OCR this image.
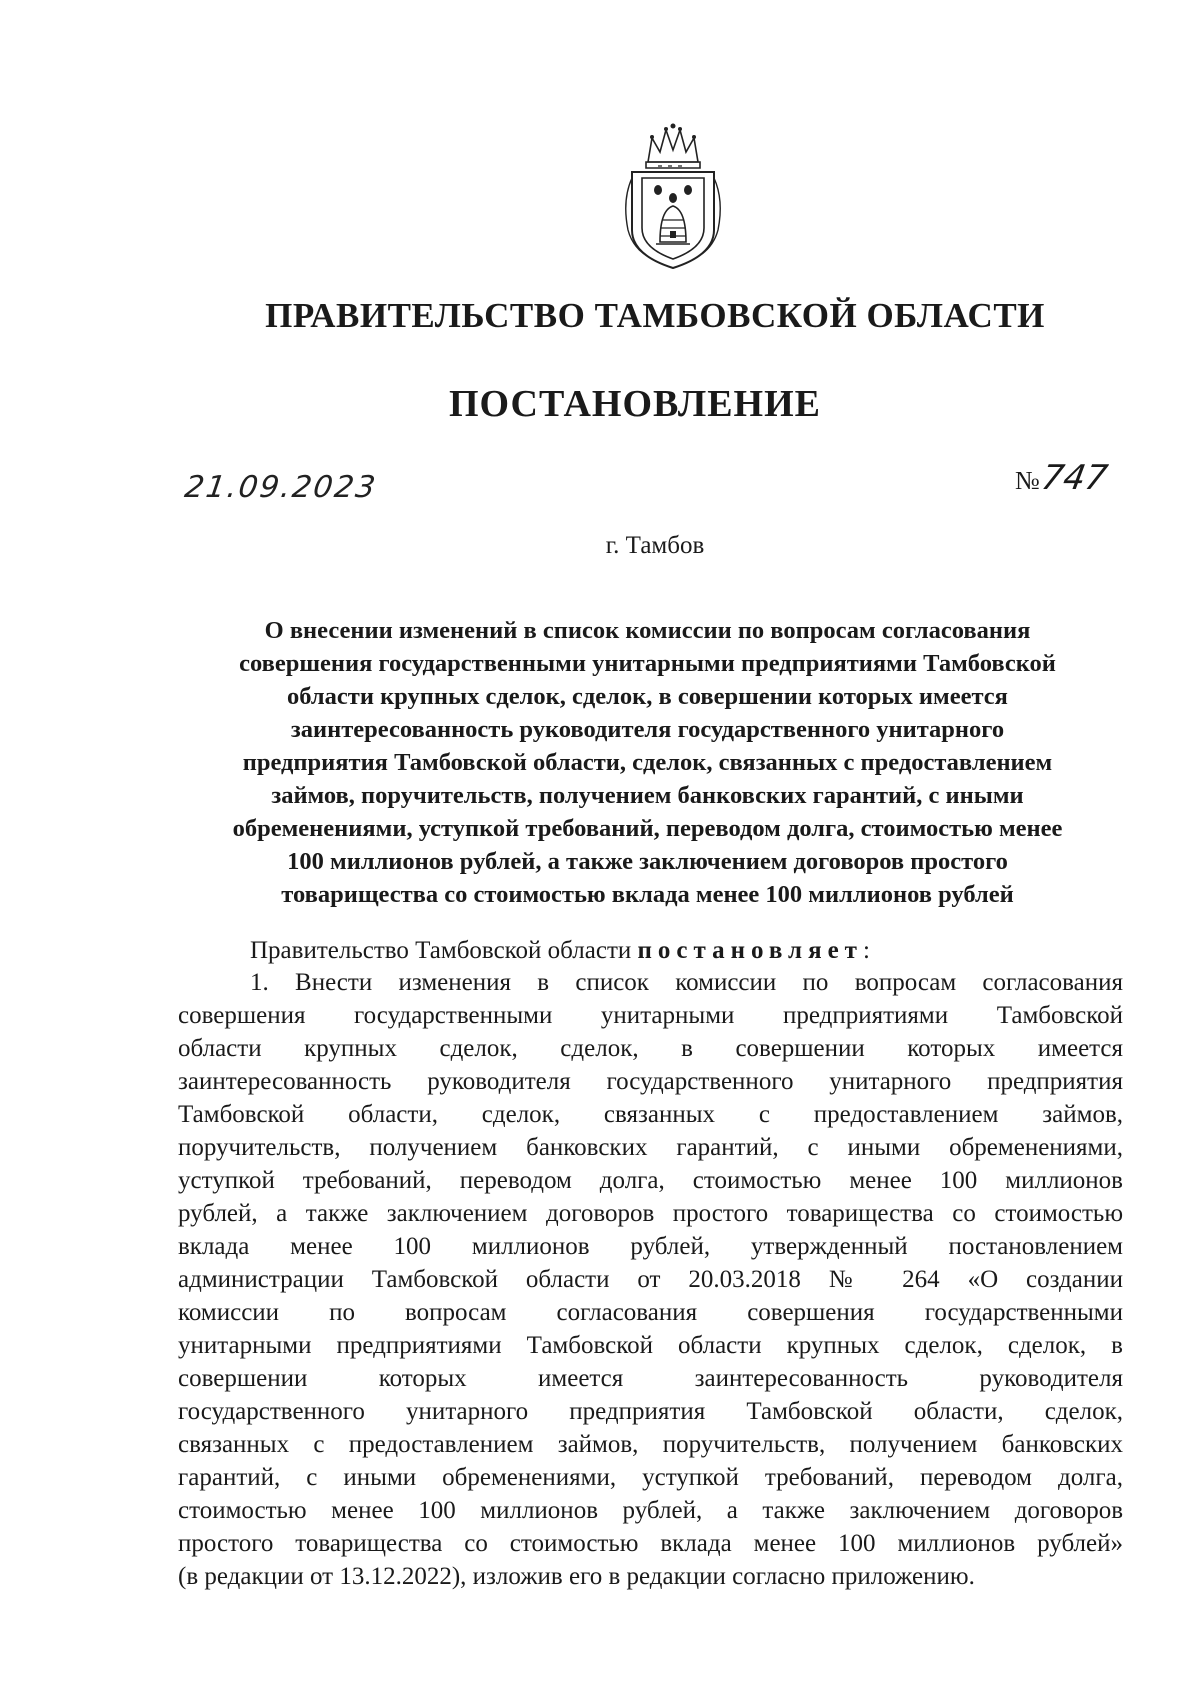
ПРАВИТЕЛЬСТВО ТАМБОВСКОЙ ОБЛАСТИ
ПОСТАНОВЛЕНИЕ
21.09.2023	№747
г. Тамбов
О внесении изменений в список комиссии по вопросам согласования
совершения государственными унитарными предприятиями Тамбовской
области крупных сделок, сделок, в совершении которых имеется
заинтересованность руководителя государственного унитарного
предприятия Тамбовской области, сделок, связанных с предоставлением
займов, поручительств, получением банковских гарантий, с иными
обременениями, уступкой требований, переводом долга, стоимостью менее
100 миллионов рублей, а также заключением договоров простого
товарищества со стоимостью вклада менее 100 миллионов рублей
Правительство Тамбовской области постановляет:
1. Внести изменения в список комиссии по вопросам согласования
совершения государственными унитарными предприятиями Тамбовской
области крупных сделок, сделок, в совершении которых имеется
заинтересованность руководителя государственного унитарного предприятия
Тамбовской области, сделок, связанных с предоставлением займов,
поручительств, получением банковских гарантий, с иными обременениями,
уступкой требований, переводом долга, стоимостью менее 100 миллионов
рублей, а также заключением договоров простого товарищества со стоимостью
вклада менее 100 миллионов рублей, утвержденный постановлением
администрации Тамбовской области от 20.03.2018 № 264 «О создании
комиссии по вопросам согласования совершения государственными
унитарными предприятиями Тамбовской области крупных сделок, сделок, в
совершении которых имеется заинтересованность руководителя
государственного унитарного предприятия Тамбовской области, сделок,
связанных с предоставлением займов, поручительств, получением банковских
гарантий, с иными обременениями, уступкой требований, переводом долга,
стоимостью менее 100 миллионов рублей, а также заключением договоров
простого товарищества со стоимостью вклада менее 100 миллионов рублей»
(в редакции от 13.12.2022), изложив его в редакции согласно приложению.
